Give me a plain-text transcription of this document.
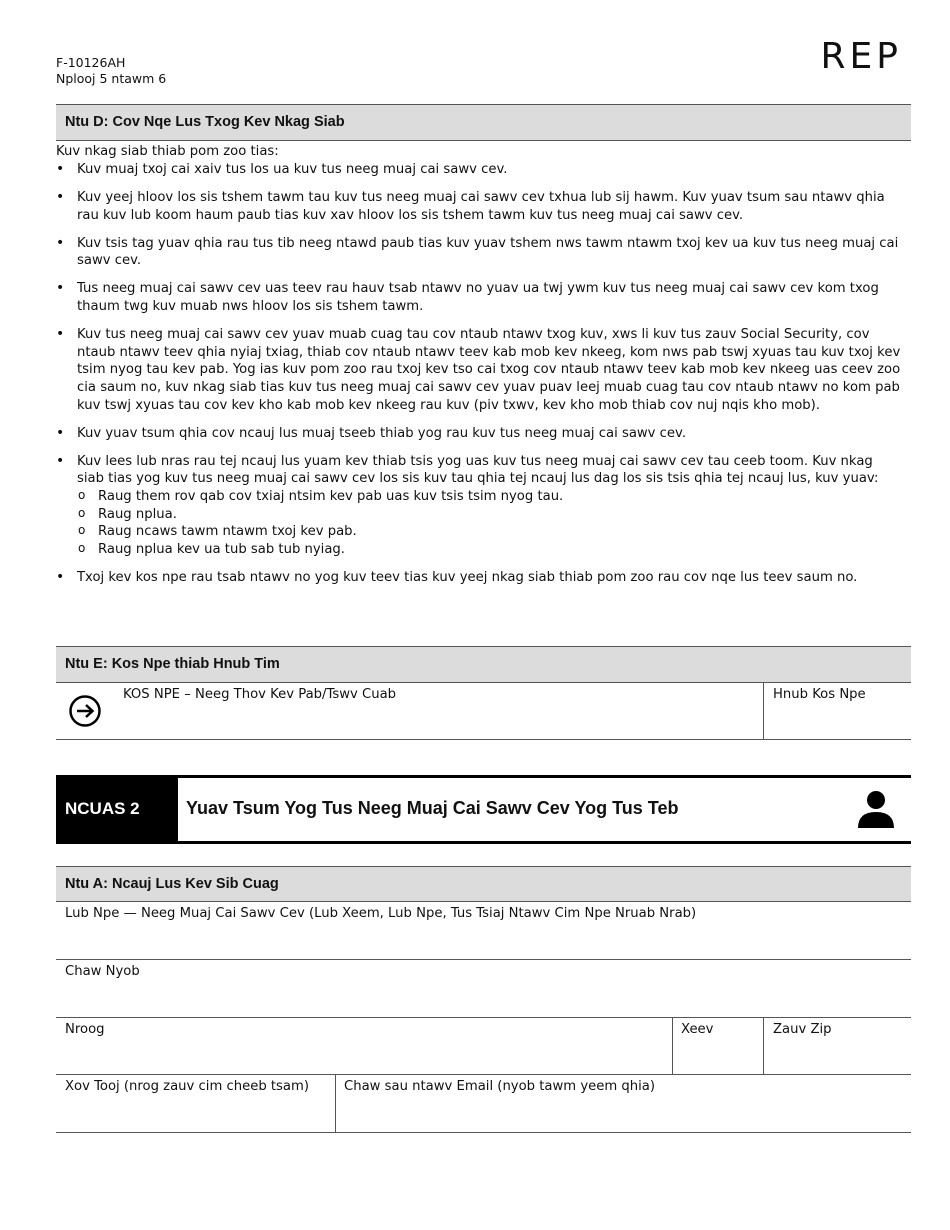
F-10126AH
Nplooj 5 ntawm 6
REP
Ntu D: Cov Nqe Lus Txog Kev Nkag Siab
Kuv nkag siab thiab pom zoo tias:
• Kuv muaj txoj cai xaiv tus los ua kuv tus neeg muaj cai sawv cev.
• Kuv yeej hloov los sis tshem tawm tau kuv tus neeg muaj cai sawv cev txhua lub sij hawm. Kuv yuav tsum sau ntawv qhia rau kuv lub koom haum paub tias kuv xav hloov los sis tshem tawm kuv tus neeg muaj cai sawv cev.
• Kuv tsis tag yuav qhia rau tus tib neeg ntawd paub tias kuv yuav tshem nws tawm ntawm txoj kev ua kuv tus neeg muaj cai sawv cev.
• Tus neeg muaj cai sawv cev uas teev rau hauv tsab ntawv no yuav ua twj ywm kuv tus neeg muaj cai sawv cev kom txog thaum twg kuv muab nws hloov los sis tshem tawm.
• Kuv tus neeg muaj cai sawv cev yuav muab cuag tau cov ntaub ntawv txog kuv, xws li kuv tus zauv Social Security, cov ntaub ntawv teev qhia nyiaj txiag, thiab cov ntaub ntawv teev kab mob kev nkeeg, kom nws pab tswj xyuas tau kuv txoj kev tsim nyog tau kev pab. Yog ias kuv pom zoo rau txoj kev tso cai txog cov ntaub ntawv teev kab mob kev nkeeg uas ceev zoo cia saum no, kuv nkag siab tias kuv tus neeg muaj cai sawv cev yuav puav leej muab cuag tau cov ntaub ntawv no kom pab kuv tswj xyuas tau cov kev kho kab mob kev nkeeg rau kuv (piv txwv, kev kho mob thiab cov nuj nqis kho mob).
• Kuv yuav tsum qhia cov ncauj lus muaj tseeb thiab yog rau kuv tus neeg muaj cai sawv cev.
• Kuv lees lub nras rau tej ncauj lus yuam kev thiab tsis yog uas kuv tus neeg muaj cai sawv cev tau ceeb toom. Kuv nkag siab tias yog kuv tus neeg muaj cai sawv cev los sis kuv tau qhia tej ncauj lus dag los sis tsis qhia tej ncauj lus, kuv yuav:
o Raug them rov qab cov txiaj ntsim kev pab uas kuv tsis tsim nyog tau.
o Raug nplua.
o Raug ncaws tawm ntawm txoj kev pab.
o Raug nplua kev ua tub sab tub nyiag.
• Txoj kev kos npe rau tsab ntawv no yog kuv teev tias kuv yeej nkag siab thiab pom zoo rau cov nqe lus teev saum no.
Ntu E: Kos Npe thiab Hnub Tim
KOS NPE – Neeg Thov Kev Pab/Tswv Cuab	Hnub Kos Npe
NCUAS 2	Yuav Tsum Yog Tus Neeg Muaj Cai Sawv Cev Yog Tus Teb
Ntu A: Ncauj Lus Kev Sib Cuag
Lub Npe — Neeg Muaj Cai Sawv Cev (Lub Xeem, Lub Npe, Tus Tsiaj Ntawv Cim Npe Nruab Nrab)
Chaw Nyob
Nroog	Xeev	Zauv Zip
Xov Tooj (nrog zauv cim cheeb tsam)	Chaw sau ntawv Email (nyob tawm yeem qhia)
